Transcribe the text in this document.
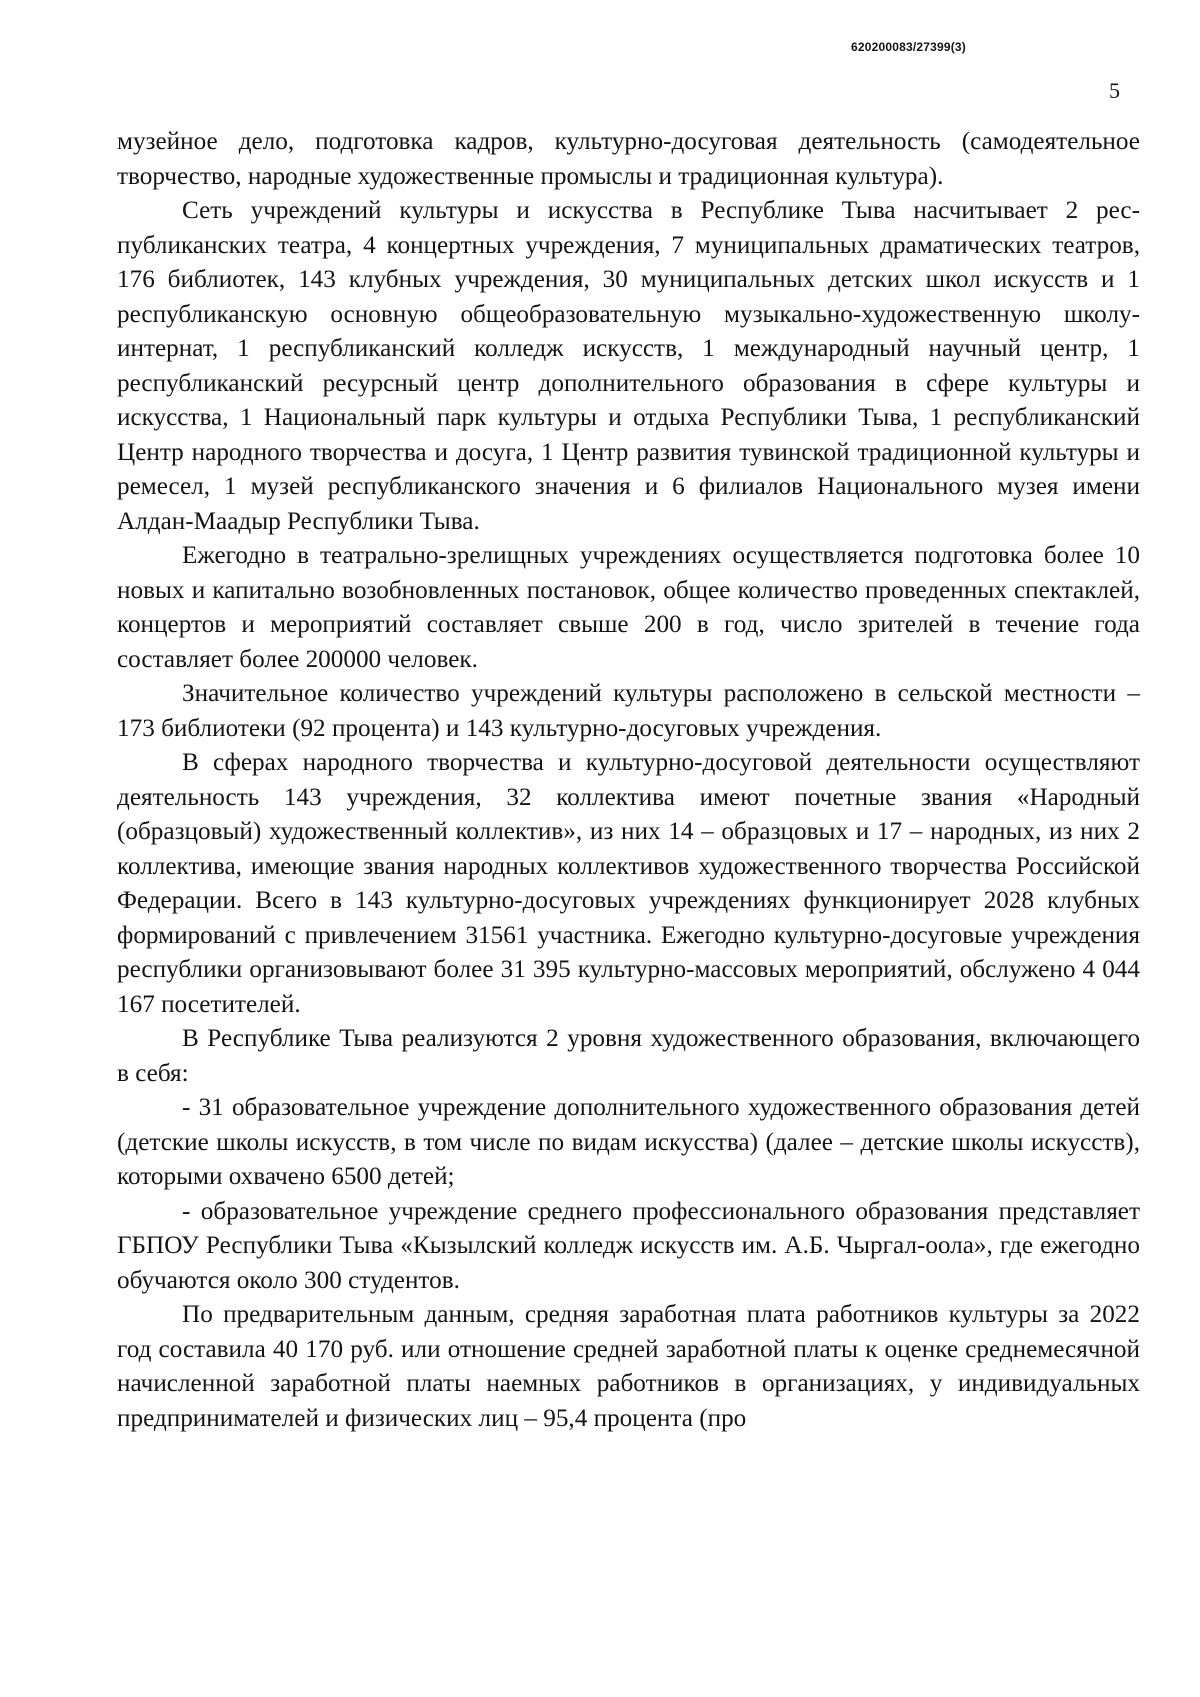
620200083/27399(3)
5

музейное дело, подготовка кадров, культурно-досуговая деятельность (самодеятельное творчество, народные художественные промыслы и традиционная культура).

Сеть учреждений культуры и искусства в Республике Тыва насчитывает 2 республиканских театра, 4 концертных учреждения, 7 муниципальных драматических театров, 176 библиотек, 143 клубных учреждения, 30 муниципальных детских школ искусств и 1 республиканскую основную общеобразовательную музыкально-художественную школу-интернат, 1 республиканский колледж искусств, 1 международный научный центр, 1 республиканский ресурсный центр дополнительного образования в сфере культуры и искусства, 1 Национальный парк культуры и отдыха Республики Тыва, 1 республиканский Центр народного творчества и досуга, 1 Центр развития тувинской традиционной культуры и ремесел, 1 музей республиканского значения и 6 филиалов Национального музея имени Алдан-Маадыр Республики Тыва.

Ежегодно в театрально-зрелищных учреждениях осуществляется подготовка более 10 новых и капитально возобновленных постановок, общее количество проведенных спектаклей, концертов и мероприятий составляет свыше 200 в год, число зрителей в течение года составляет более 200000 человек.

Значительное количество учреждений культуры расположено в сельской местности – 173 библиотеки (92 процента) и 143 культурно-досуговых учреждения.

В сферах народного творчества и культурно-досуговой деятельности осуществляют деятельность 143 учреждения, 32 коллектива имеют почетные звания «Народный (образцовый) художественный коллектив», из них 14 – образцовых и 17 – народных, из них 2 коллектива, имеющие звания народных коллективов художественного творчества Российской Федерации. Всего в 143 культурно-досуговых учреждениях функционирует 2028 клубных формирований с привлечением 31561 участника. Ежегодно культурно-досуговые учреждения республики организовывают более 31 395 культурно-массовых мероприятий, обслужено 4 044 167 посетителей.

В Республике Тыва реализуются 2 уровня художественного образования, включающего в себя:

- 31 образовательное учреждение дополнительного художественного образования детей (детские школы искусств, в том числе по видам искусства) (далее – детские школы искусств), которыми охвачено 6500 детей;

- образовательное учреждение среднего профессионального образования представляет ГБПОУ Республики Тыва «Кызылский колледж искусств им. А.Б. Чыргал-оола», где ежегодно обучаются около 300 студентов.

По предварительным данным, средняя заработная плата работников культуры за 2022 год составила 40 170 руб. или отношение средней заработной платы к оценке среднемесячной начисленной заработной платы наемных работников в организациях, у индивидуальных предпринимателей и физических лиц – 95,4 процента (про
